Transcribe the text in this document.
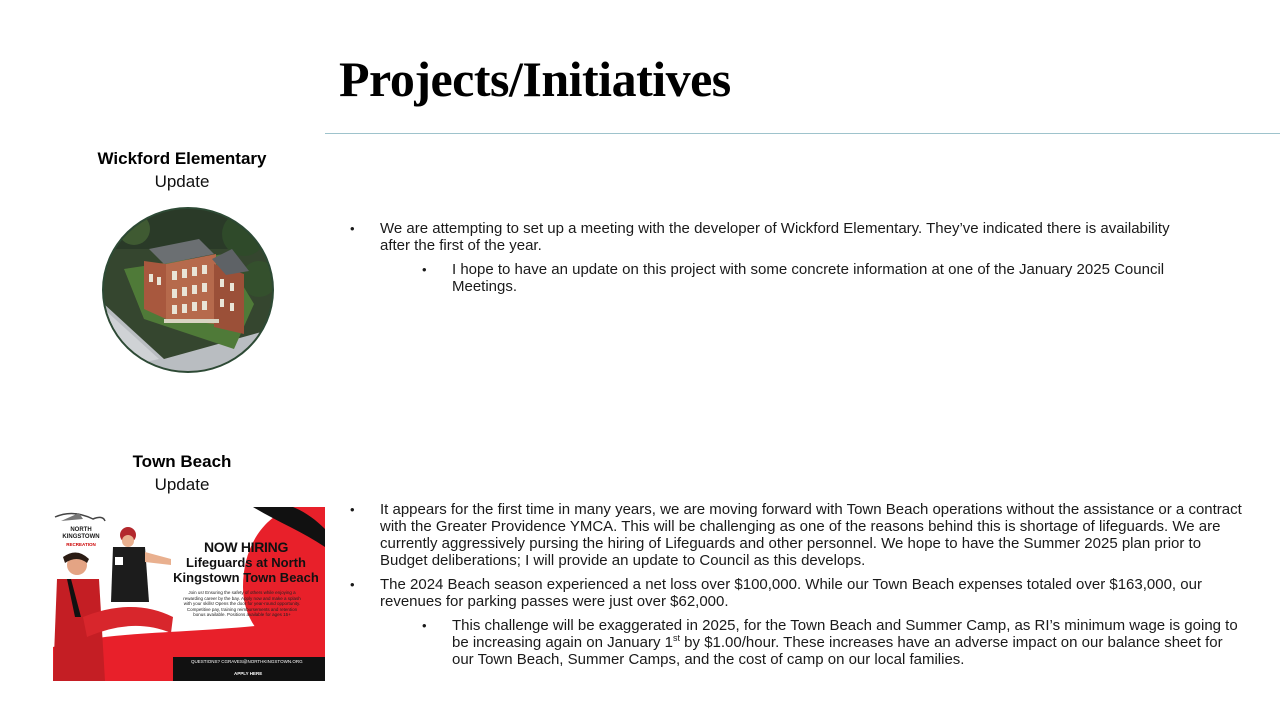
Projects/Initiatives
Wickford Elementary
Update
• We are attempting to set up a meeting with the developer of Wickford Elementary. They’ve indicated there is availability after the first of the year.
• I hope to have an update on this project with some concrete information at one of the January 2025 Council Meetings.
Town Beach
Update
NORTH KINGSTOWN
RECREATION	NOW HIRING
Lifeguards at North Kingstown Town Beach
Join us! Ensuring the safety of others while enjoying a rewarding career by the bay. Apply now and make a splash with your skills! Opens the door for year-round opportunity. Competitive pay, training reimbursements and retention bonus available. Positions available for ages 15+
QUESTIONS? CGRAVES@NORTHKINGSTOWN.ORG
APPLY HERE
• It appears for the first time in many years, we are moving forward with Town Beach operations without the assistance or a contract with the Greater Providence YMCA. This will be challenging as one of the reasons behind this is shortage of lifeguards. We are currently aggressively pursing the hiring of Lifeguards and other personnel. We hope to have the Summer 2025 plan prior to Budget deliberations; I will provide an update to Council as this develops.
• The 2024 Beach season experienced a net loss over $100,000. While our Town Beach expenses totaled over $163,000, our revenues for parking passes were just over $62,000.
• This challenge will be exaggerated in 2025, for the Town Beach and Summer Camp, as RI’s minimum wage is going to be increasing again on January 1st by $1.00/hour. These increases have an adverse impact on our balance sheet for our Town Beach, Summer Camps, and the cost of camp on our local families.
